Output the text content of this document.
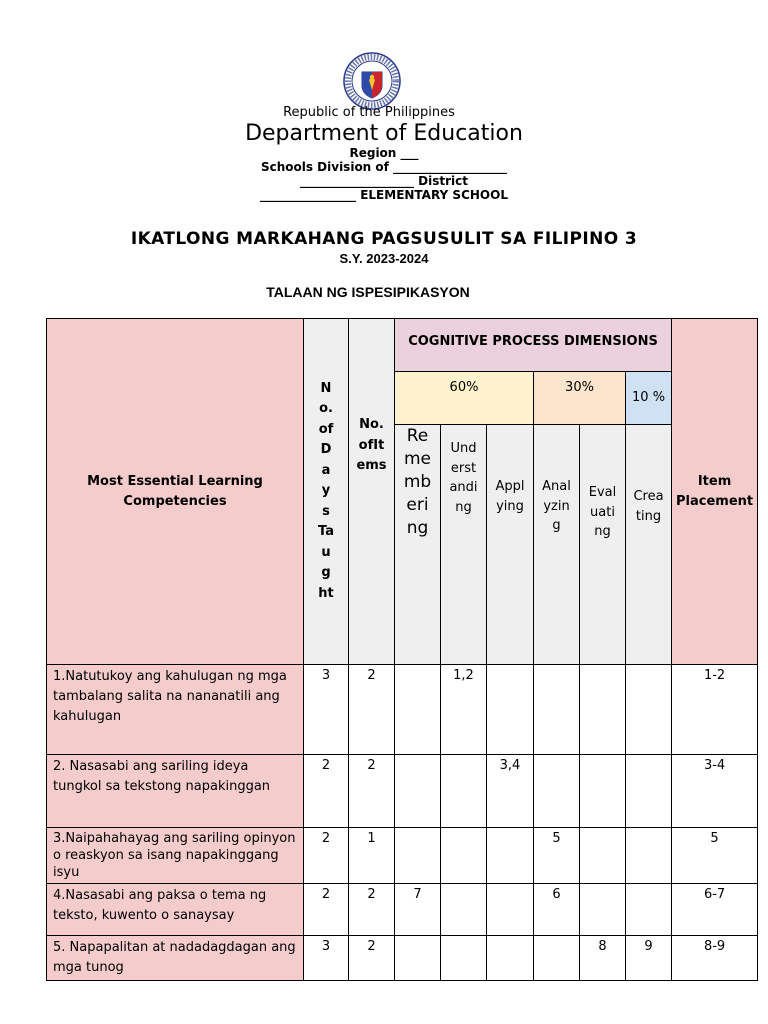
Republic of the Philippines
Department of Education
Region ___
Schools Division of ___________________
___________________ District
________________ ELEMENTARY SCHOOL
IKATLONG MARKAHANG PAGSUSULIT SA FILIPINO 3
S.Y. 2023-2024
TALAAN NG ISPESIPIKASYON
Most Essential Learning Competencies	No.ofDaysTaught	No.ofItems	COGNITIVE PROCESS DIMENSIONS						Item Placement
			60%			30%		10 %	
			Remembering	Understanding	Applying	Analyzing	Evaluating	Creating	
1.Natutukoy ang kahulugan ng mga tambalang salita na nananatili ang kahulugan	3	2		1,2					1-2
2. Nasasabi ang sariling ideya tungkol sa tekstong napakinggan	2	2			3,4				3-4
3.Naipahahayag ang sariling opinyon o reaskyon sa isang napakinggang isyu	2	1				5			5
4.Nasasabi ang paksa o tema ng teksto, kuwento o sanaysay	2	2	7			6			6-7
5. Napapalitan at nadadagdagan ang mga tunog	3	2					8	9	8-9
